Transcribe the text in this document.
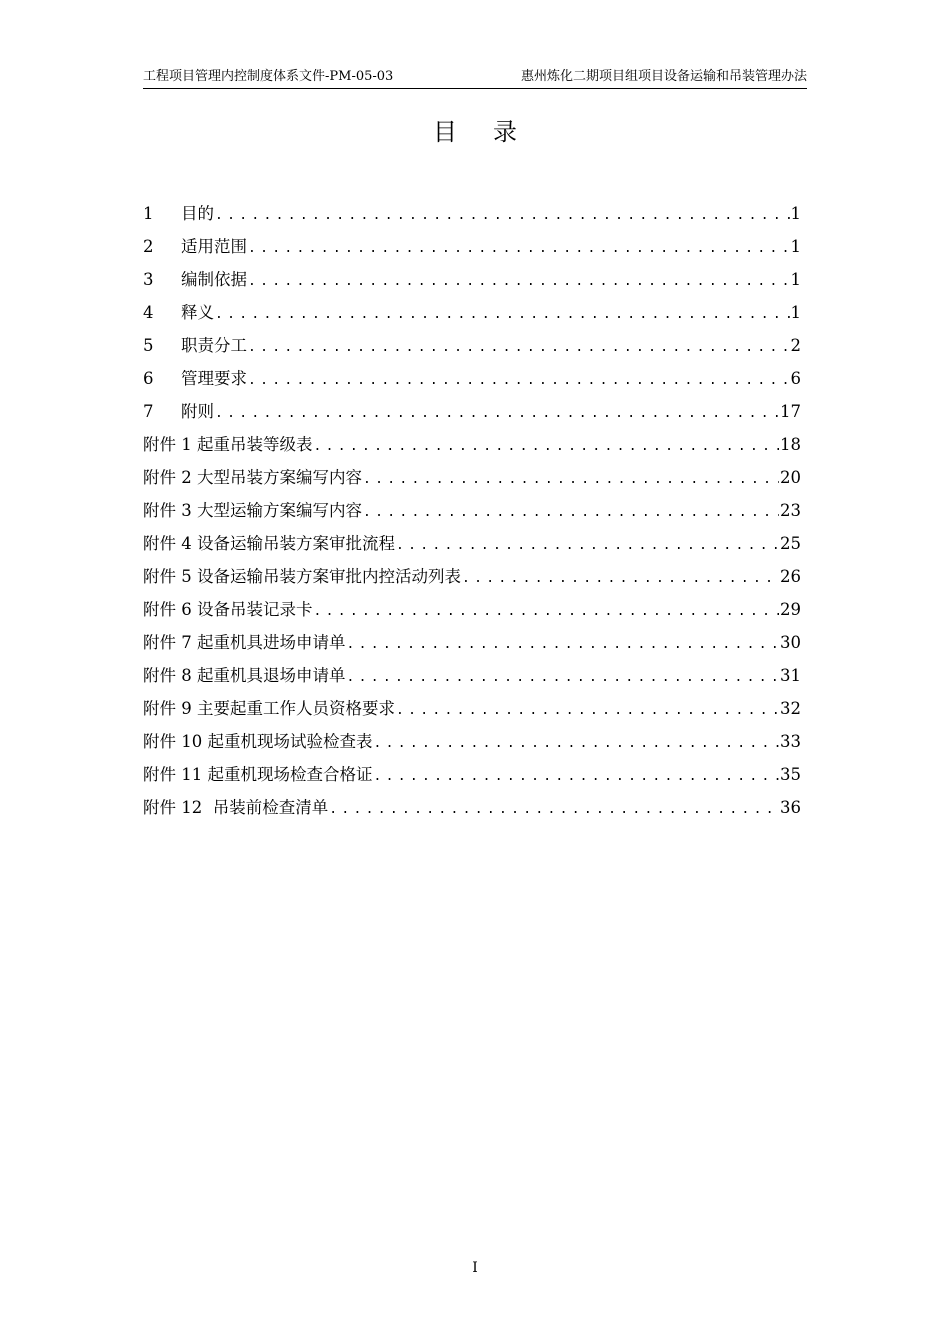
工程项目管理内控制度体系文件-PM-05-03	惠州炼化二期项目组项目设备运输和吊装管理办法
目录
1	目的 .....	1
2	适用范围 .....	1
3	编制依据 .....	1
4	释义 .....	1
5	职责分工 .....	2
6	管理要求 .....	6
7	附则 .....	17
附件 1 起重吊装等级表 .....	18
附件 2 大型吊装方案编写内容 .....	20
附件 3 大型运输方案编写内容 .....	23
附件 4 设备运输吊装方案审批流程 .....	25
附件 5 设备运输吊装方案审批内控活动列表 .....	26
附件 6 设备吊装记录卡 .....	29
附件 7 起重机具进场申请单 .....	30
附件 8 起重机具退场申请单 .....	31
附件 9 主要起重工作人员资格要求 .....	32
附件 10 起重机现场试验检查表 .....	33
附件 11 起重机现场检查合格证 .....	35
附件 12 吊装前检查清单 .....	36
I
